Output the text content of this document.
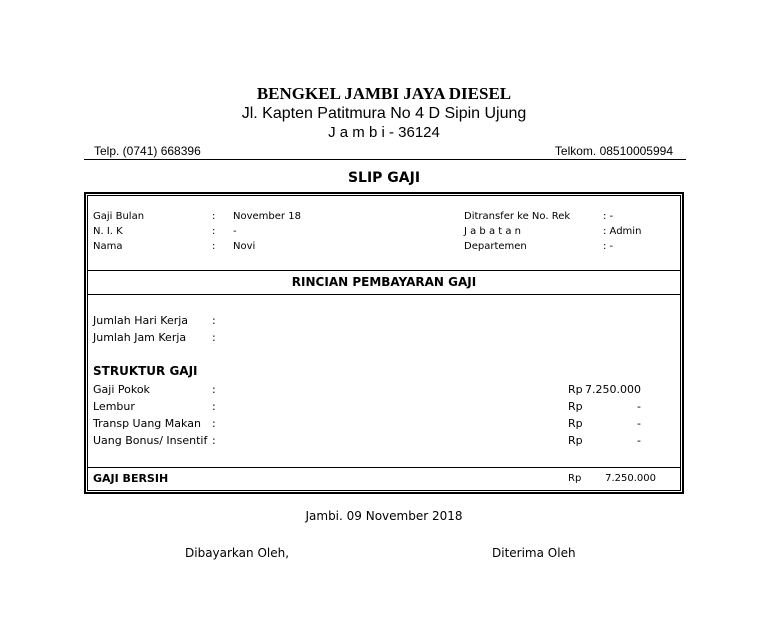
BENGKEL JAMBI JAYA DIESEL
Jl. Kapten Patitmura No 4 D Sipin Ujung
J a m b i - 36124
Telp. (0741) 668396	Telkom. 08510005994
SLIP GAJI
Gaji Bulan	: November 18
N. I. K	: -
Nama	: Novi
Ditransfer ke No. Rek	: -
J a b a t a n	: Admin
Departemen	: -
RINCIAN PEMBAYARAN GAJI
Jumlah Hari Kerja :
Jumlah Jam Kerja :
STRUKTUR GAJI
Gaji Pokok	:	Rp 7.250.000
Lembur	:	Rp	-
Transp Uang Makan :	Rp	-
Uang Bonus/ Insentif :	Rp	-
GAJI BERSIH	Rp 7.250.000
Jambi. 09 November 2018
Dibayarkan Oleh,	Diterima Oleh
